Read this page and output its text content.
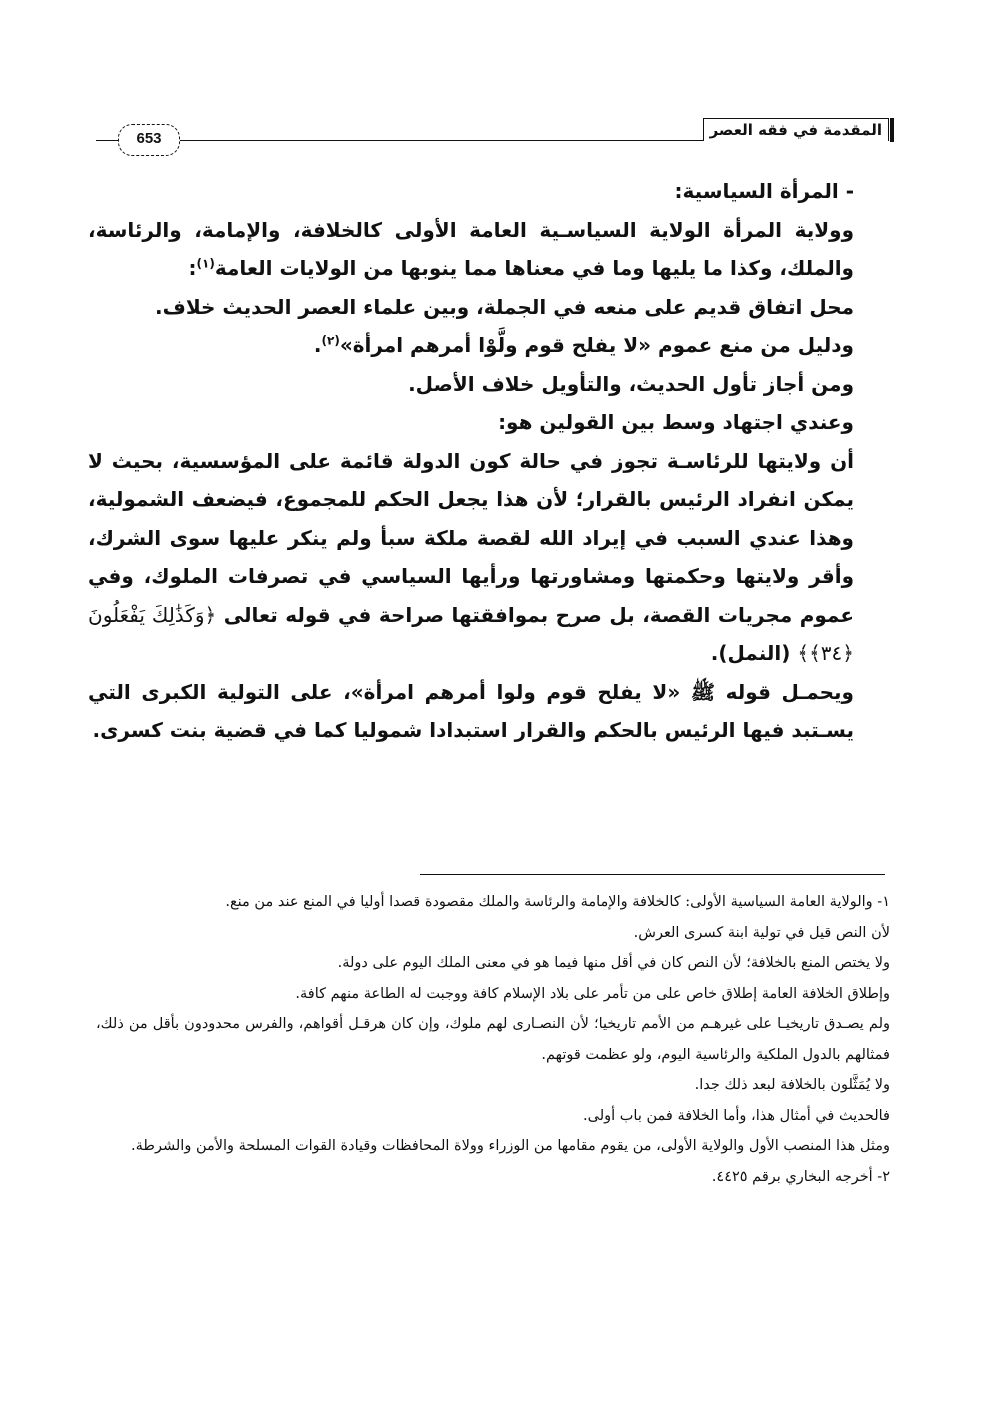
المقدمة في فقه العصر
653

- المرأة السياسية:

وولاية المرأة الولاية السياسـية العامة الأولى كالخلافة، والإمامة، والرئاسة، والملك، وكذا ما يليها وما في معناها مما ينوبها من الولايات العامة$^{(١)}$:

محل اتفاق قديم على منعه في الجملة، وبين علماء العصر الحديث خلاف.

ودليل من منع عموم «لا يفلح قوم ولَّوْا أمرهم امرأة»$^{(٢)}$.

ومن أجاز تأول الحديث، والتأويل خلاف الأصل.

وعندي اجتهاد وسط بين القولين هو:

أن ولايتها للرئاسـة تجوز في حالة كون الدولة قائمة على المؤسسية، بحيث لا يمكن انفراد الرئيس بالقرار؛ لأن هذا يجعل الحكم للمجموع، فيضعف الشمولية، وهذا عندي السبب في إيراد الله لقصة ملكة سبأ ولم ينكر عليها سوى الشرك، وأقر ولايتها وحكمتها ومشاورتها ورأيها السياسي في تصرفات الملوك، وفي عموم مجريات القصة، بل صرح بموافقتها صراحة في قوله تعالى ﴿وَكَذَٰلِكَ يَفْعَلُونَ ﴿٣٤﴾﴾ (النمل).

ويحمـل قوله ﷺ «لا يفلح قوم ولوا أمرهم امرأة»، على التولية الكبرى التي يسـتبد فيها الرئيس بالحكم والقرار استبدادا شموليا كما في قضية بنت كسرى.

١- والولاية العامة السياسية الأولى: كالخلافة والإمامة والرئاسة والملك مقصودة قصدا أوليا في المنع عند من منع.

لأن النص قيل في تولية ابنة كسرى العرش.

ولا يختص المنع بالخلافة؛ لأن النص كان في أقل منها فيما هو في معنى الملك اليوم على دولة.

وإطلاق الخلافة العامة إطلاق خاص على من تأمر على بلاد الإسلام كافة ووجبت له الطاعة منهم كافة.

ولم يصـدق تاريخيـا على غيرهـم من الأمم تاريخيا؛ لأن النصـارى لهم ملوك، وإن كان هرقـل أقواهم، والفرس محدودون بأقل من ذلك، فمثالهم بالدول الملكية والرئاسية اليوم، ولو عظمت قوتهم.

ولا يُمَثَّلون بالخلافة لبعد ذلك جدا.

فالحديث في أمثال هذا، وأما الخلافة فمن باب أولى.

ومثل هذا المنصب الأول والولاية الأولى، من يقوم مقامها من الوزراء وولاة المحافظات وقيادة القوات المسلحة والأمن والشرطة.

٢- أخرجه البخاري برقم ٤٤٢٥.
